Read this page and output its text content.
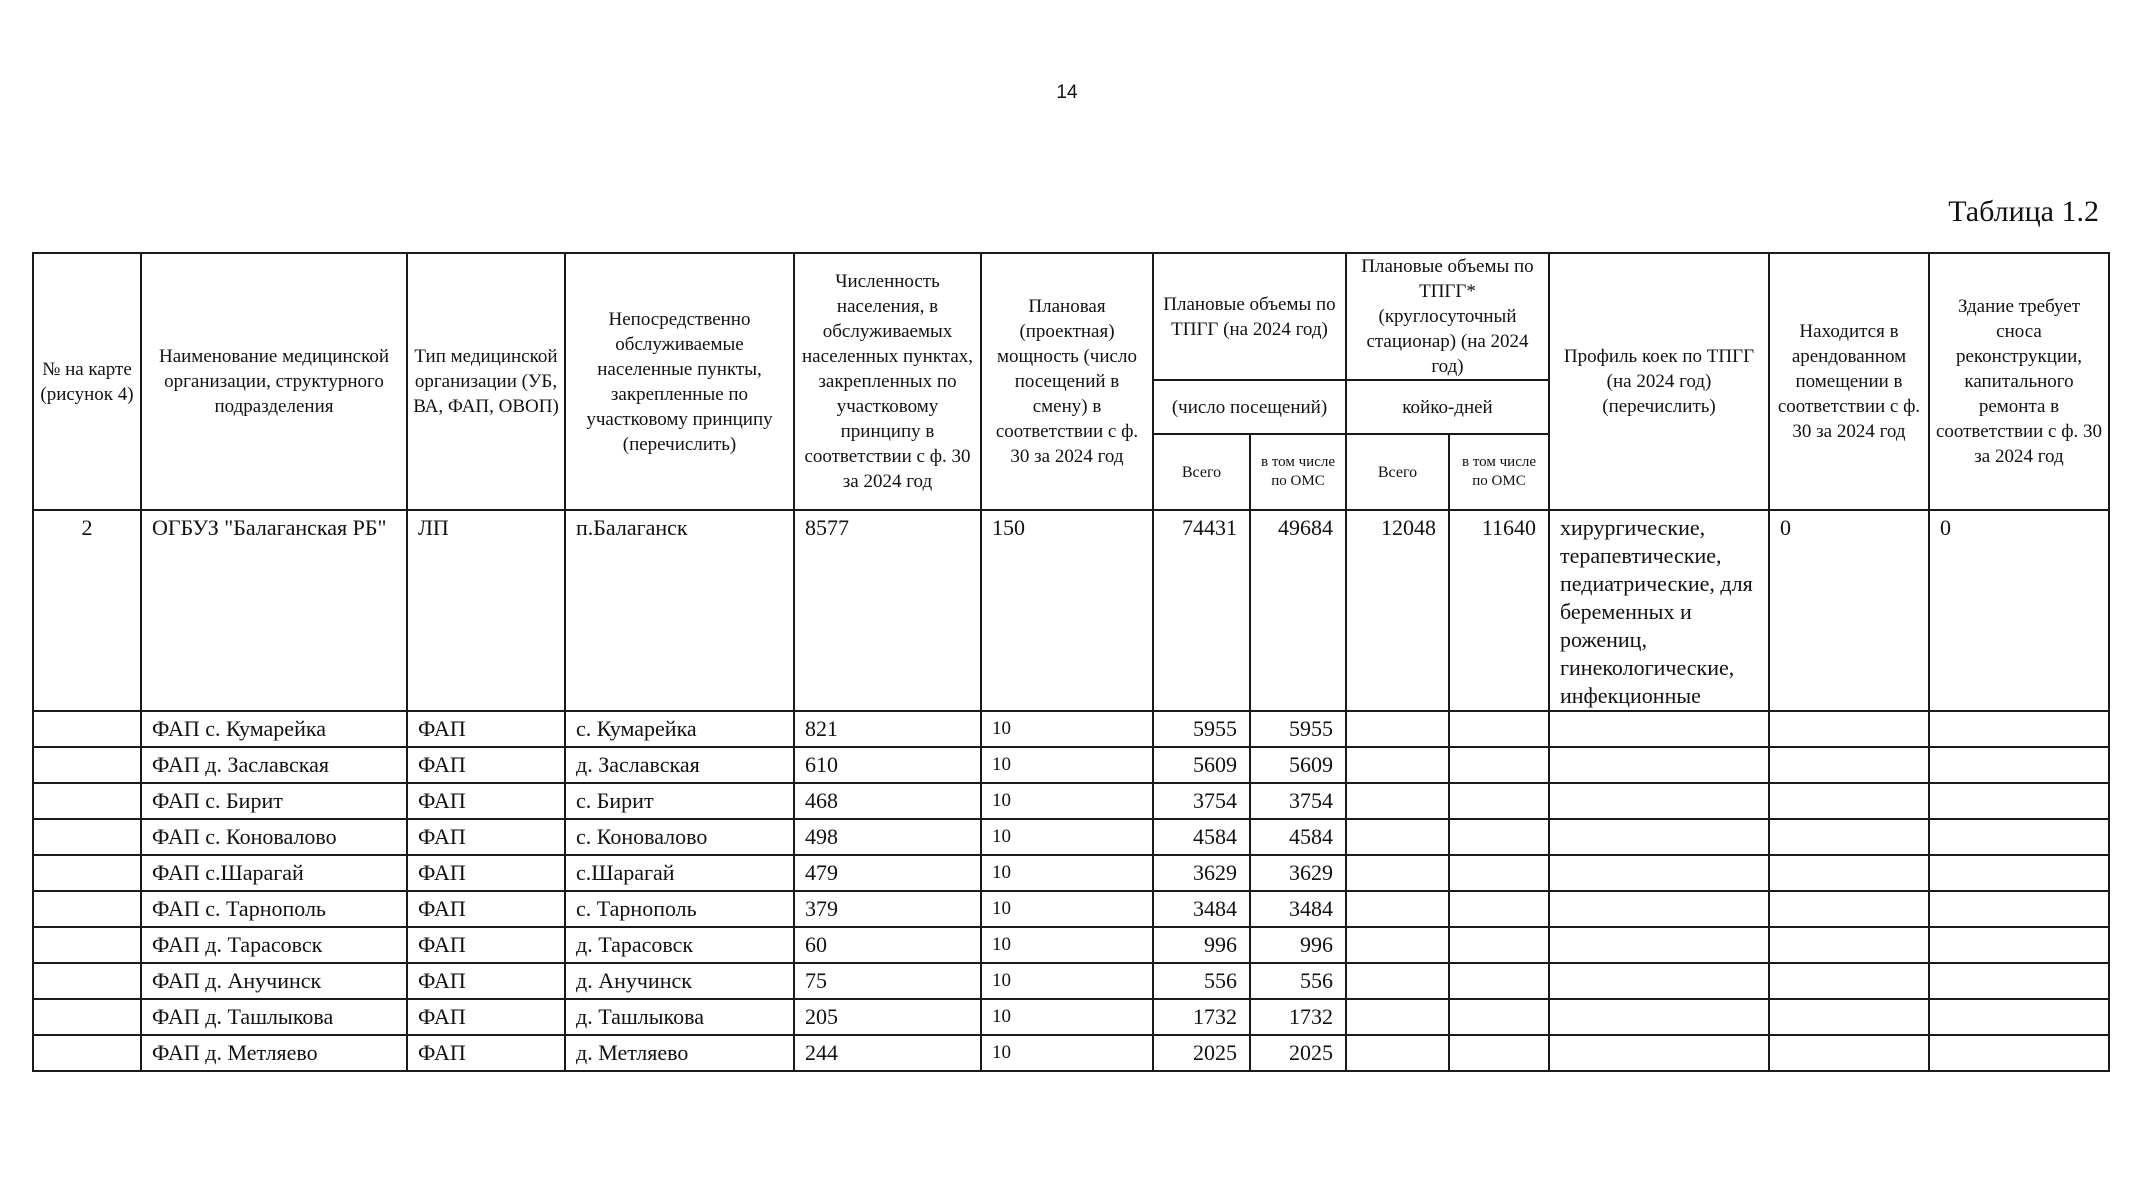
14
Таблица 1.2
№ на карте (рисунок 4)	Наименование медицинской организации, структурного подразделения	Тип медицинской организации (УБ, ВА, ФАП, ОВОП)	Непосредственно обслуживаемые населенные пункты, закрепленные по участковому принципу (перечислить)	Численность населения, в обслуживаемых населенных пунктах, закрепленных по участковому принципу в соответствии с ф. 30 за 2024 год	Плановая (проектная) мощность (число посещений в смену) в соответствии с ф. 30 за 2024 год	Плановые объемы по ТПГГ (на 2024 год)		Плановые объемы по ТПГГ* (круглосуточный стационар) (на 2024 год)		Профиль коек по ТПГГ (на 2024 год) (перечислить)	Находится в арендованном помещении в соответствии с ф. 30 за 2024 год	Здание требует сноса реконструкции, капитального ремонта в соответствии с ф. 30 за 2024 год
						(число посещений)		койко-дней				
						Всего	в том числе по ОМС	Всего	в том числе по ОМС			
2	ОГБУЗ "Балаганская РБ"	ЛП	п.Балаганск	8577	150	74431	49684	12048	11640	хирургические, терапевтические, педиатрические, для беременных и рожениц, гинекологические, инфекционные	0	0
	ФАП с. Кумарейка	ФАП	с. Кумарейка	821	10	5955	5955					
	ФАП д. Заславская	ФАП	д. Заславская	610	10	5609	5609					
	ФАП с. Бирит	ФАП	с. Бирит	468	10	3754	3754					
	ФАП с. Коновалово	ФАП	с. Коновалово	498	10	4584	4584					
	ФАП с.Шарагай	ФАП	с.Шарагай	479	10	3629	3629					
	ФАП с. Тарнополь	ФАП	с. Тарнополь	379	10	3484	3484					
	ФАП д. Тарасовск	ФАП	д. Тарасовск	60	10	996	996					
	ФАП д. Анучинск	ФАП	д. Анучинск	75	10	556	556					
	ФАП д. Ташлыкова	ФАП	д. Ташлыкова	205	10	1732	1732					
	ФАП д. Метляево	ФАП	д. Метляево	244	10	2025	2025					
